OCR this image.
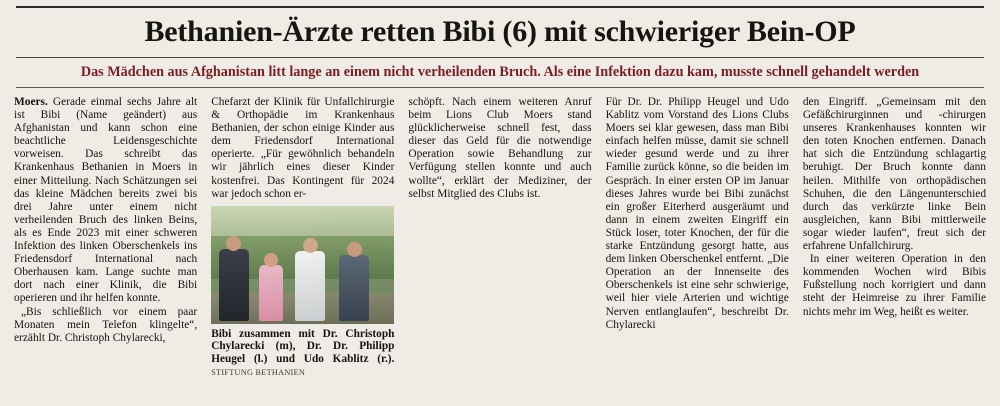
Bethanien-Ärzte retten Bibi (6) mit schwieriger Bein-OP
Das Mädchen aus Afghanistan litt lange an einem nicht verheilenden Bruch. Als eine Infektion dazu kam, musste schnell gehandelt werden

Moers. Gerade einmal sechs Jahre alt ist Bibi (Name geändert) aus Afghanistan und kann schon eine beachtliche Leidensgeschichte vorweisen. Das schreibt das Krankenhaus Bethanien in Moers in einer Mitteilung. Nach Schätzungen sei das kleine Mädchen bereits zwei bis drei Jahre unter einem nicht verheilenden Bruch des linken Beins, als es Ende 2023 mit einer schweren Infektion des linken Oberschenkels ins Friedensdorf International nach Oberhausen kam. Lange suchte man dort nach einer Klinik, die Bibi operieren und ihr helfen konnte.

„Bis schließlich vor einem paar Monaten mein Telefon klingelte“, erzählt Dr. Christoph Chylarecki,

Chefarzt der Klinik für Unfallchirurgie & Orthopädie im Krankenhaus Bethanien, der schon einige Kinder aus dem Friedensdorf International operierte. „Für gewöhnlich behandeln wir jährlich eines dieser Kinder kostenfrei. Das Kontingent für 2024 war jedoch schon er-

Bibi zusammen mit Dr. Christoph Chylarecki (m), Dr. Dr. Philipp Heugel (l.) und Udo Kablitz (r.). STIFTUNG BETHANIEN

schöpft. Nach einem weiteren Anruf beim Lions Club Moers stand glücklicherweise schnell fest, dass dieser das Geld für die notwendige Operation sowie Behandlung zur Verfügung stellen konnte und auch wollte“, erklärt der Mediziner, der selbst Mitglied des Clubs ist.

Für Dr. Dr. Philipp Heugel und Udo Kablitz vom Vorstand des Lions Clubs Moers sei klar gewesen, dass man Bibi einfach helfen müsse, damit sie schnell wieder gesund werde und zu ihrer Familie zurück könne, so die beiden im Gespräch. In einer ersten OP im Januar dieses Jahres wurde bei Bibi zunächst ein großer Eiterherd ausgeräumt und dann in einem zweiten Eingriff ein Stück loser, toter Knochen, der für die starke Entzündung gesorgt hatte, aus dem linken Oberschenkel entfernt. „Die Operation an der Innenseite des Oberschenkels ist eine sehr schwierige, weil hier viele Arterien und wichtige Nerven entlanglaufen“, beschreibt Dr. Chylarecki

den Eingriff. „Gemeinsam mit den Gefäßchirurginnen und -chirurgen unseres Krankenhauses konnten wir den toten Knochen entfernen. Danach hat sich die Entzündung schlagartig beruhigt. Der Bruch konnte dann heilen. Mithilfe von orthopädischen Schuhen, die den Längenunterschied durch das verkürzte linke Bein ausgleichen, kann Bibi mittlerweile sogar wieder laufen“, freut sich der erfahrene Unfallchirurg.

In einer weiteren Operation in den kommenden Wochen wird Bibis Fußstellung noch korrigiert und dann steht der Heimreise zu ihrer Familie nichts mehr im Weg, heißt es weiter.
